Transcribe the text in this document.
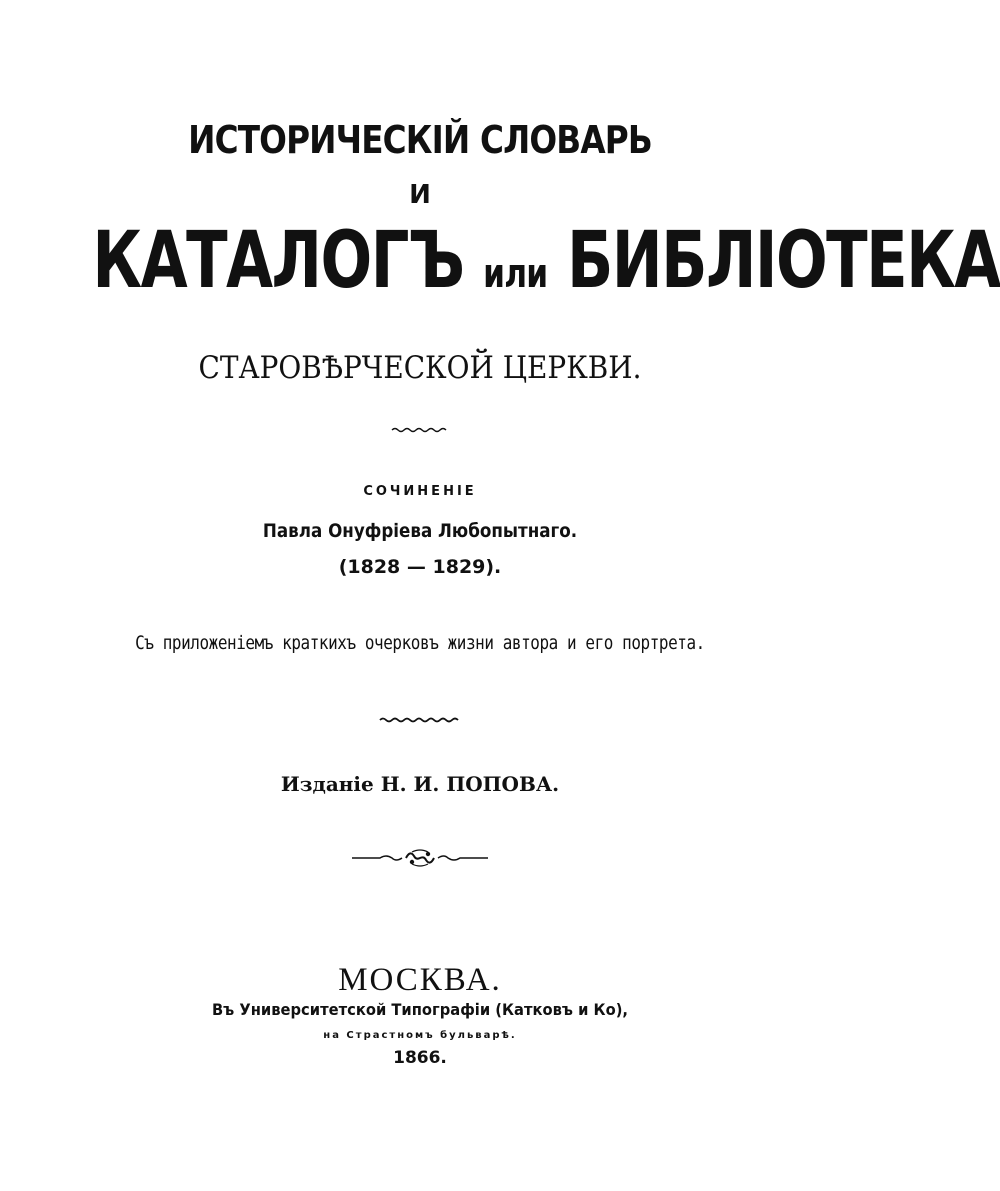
ИСТОРИЧЕСКІЙ СЛОВАРЬ
И
КАТАЛОГЪ или БИБЛІОТЕКА
СТАРОВѢРЧЕСКОЙ ЦЕРКВИ.
СОЧИНЕНІЕ
Павла Онуфріева Любопытнаго.
(1828 — 1829).
Съ приложеніемъ краткихъ очерковъ жизни автора и его портрета.
Изданіе Н. И. ПОПОВА.
МОСКВА.
Въ Университетской Типографіи (Катковъ и Ко),
на Страстномъ бульварѣ.
1866.
